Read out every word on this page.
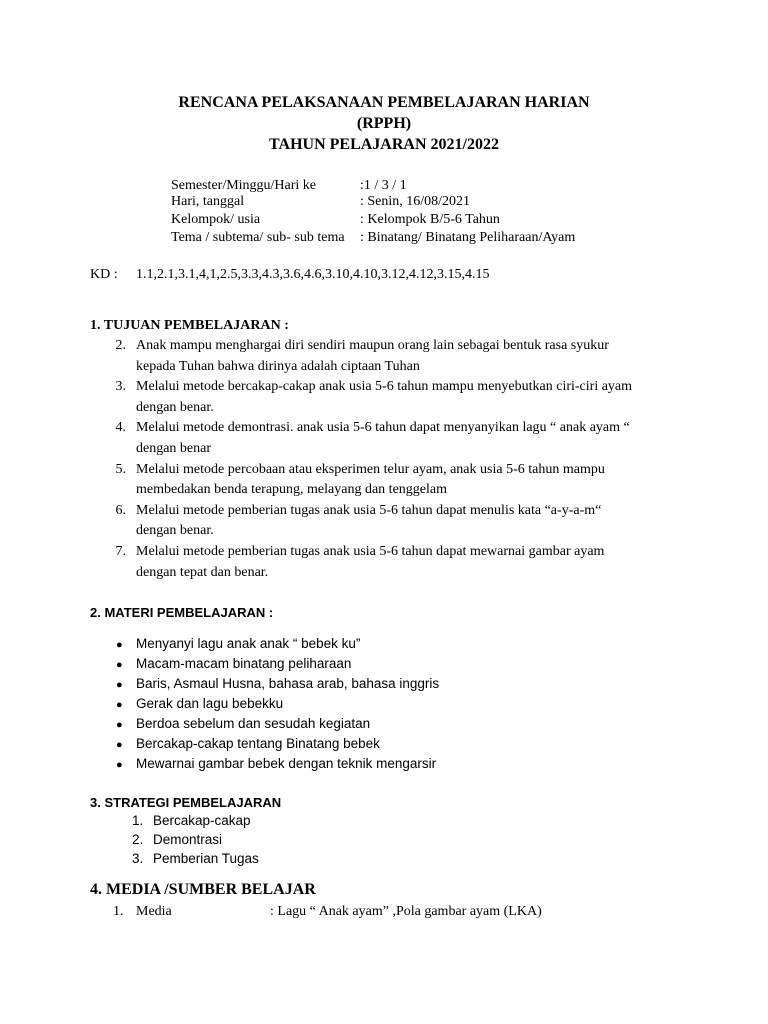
RENCANA PELAKSANAAN PEMBELAJARAN HARIAN
(RPPH)
TAHUN PELAJARAN 2021/2022
Semester/Minggu/Hari ke	:1 / 3 / 1
Hari, tanggal	: Senin, 16/08/2021
Kelompok/ usia	: Kelompok B/5-6 Tahun
Tema / subtema/ sub- sub tema : Binatang/ Binatang Peliharaan/Ayam
KD : 1.1,2.1,3.1,4,1,2.5,3.3,4.3,3.6,4.6,3.10,4.10,3.12,4.12,3.15,4.15
1. TUJUAN PEMBELAJARAN :
2. Anak mampu menghargai diri sendiri maupun orang lain sebagai bentuk rasa syukur
kepada Tuhan bahwa dirinya adalah ciptaan Tuhan
3. Melalui metode bercakap-cakap anak usia 5-6 tahun mampu menyebutkan ciri-ciri ayam
dengan benar.
4. Melalui metode demontrasi. anak usia 5-6 tahun dapat menyanyikan lagu “ anak ayam “
dengan benar
5. Melalui metode percobaan atau eksperimen telur ayam, anak usia 5-6 tahun mampu
membedakan benda terapung, melayang dan tenggelam
6. Melalui metode pemberian tugas anak usia 5-6 tahun dapat menulis kata “a-y-a-m“
dengan benar.
7. Melalui metode pemberian tugas anak usia 5-6 tahun dapat mewarnai gambar ayam
dengan tepat dan benar.
2. MATERI PEMBELAJARAN :
● Menyanyi lagu anak anak “ bebek ku”
● Macam-macam binatang peliharaan
● Baris, Asmaul Husna, bahasa arab, bahasa inggris
● Gerak dan lagu bebekku
● Berdoa sebelum dan sesudah kegiatan
● Bercakap-cakap tentang Binatang bebek
● Mewarnai gambar bebek dengan teknik mengarsir
3. STRATEGI PEMBELAJARAN
1. Bercakap-cakap
2. Demontrasi
3. Pemberian Tugas
4. MEDIA /SUMBER BELAJAR
1. Media	: Lagu “ Anak ayam” ,Pola gambar ayam (LKA)
